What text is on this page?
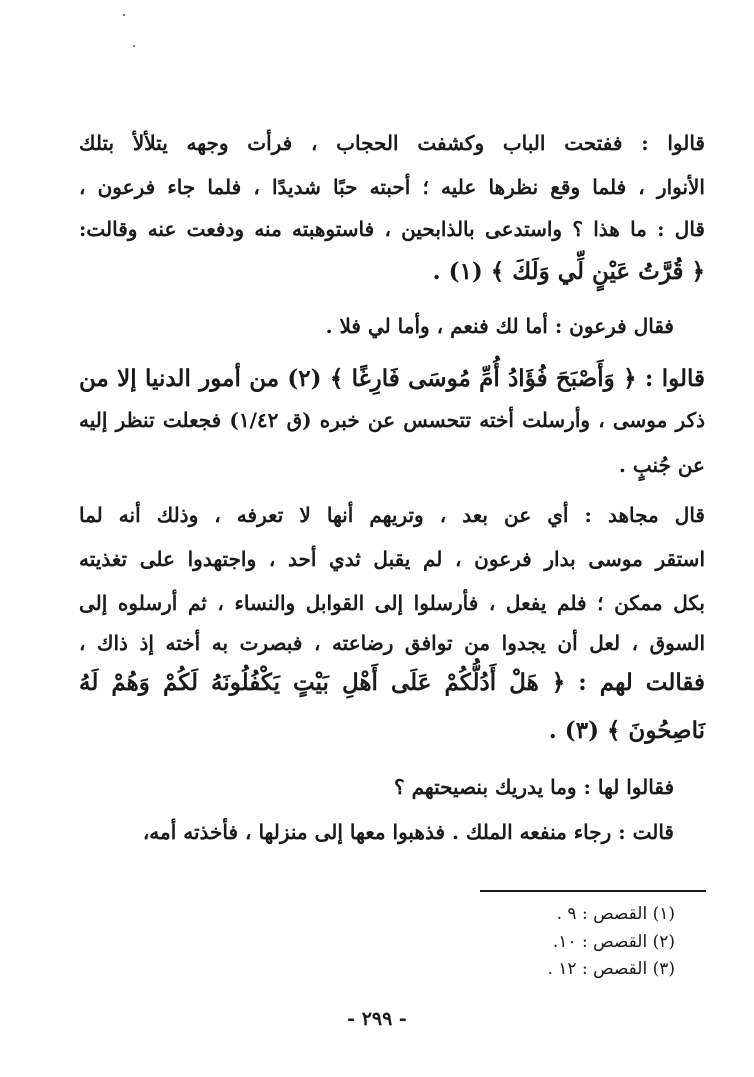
قالوا : ففتحت الباب وكشفت الحجاب ، فرأت وجهه يتلألأ بتلك
الأنوار ، فلما وقع نظرها عليه ؛ أحبته حبًا شديدًا ، فلما جاء فرعون ،
قال : ما هذا ؟ واستدعى بالذابحين ، فاستوهبته منه ودفعت عنه وقالت:
﴿ قُرَّتُ عَيْنٍ لِّي وَلَكَ ﴾ (١) .
فقال فرعون : أما لك فنعم ، وأما لي فلا .
قالوا : ﴿ وَأَصْبَحَ فُؤَادُ أُمِّ مُوسَى فَارِغًا ﴾ (٢) من أمور الدنيا إلا من
ذكر موسى ، وأرسلت أخته تتحسس عن خبره (ق ١/٤٢) فجعلت تنظر إليه
عن جُنبٍ .
قال مجاهد : أي عن بعد ، وتريهم أنها لا تعرفه ، وذلك أنه لما
استقر موسى بدار فرعون ، لم يقبل ثدي أحد ، واجتهدوا على تغذيته
بكل ممكن ؛ فلم يفعل ، فأرسلوا إلى القوابل والنساء ، ثم أرسلوه إلى
السوق ، لعل أن يجدوا من توافق رضاعته ، فبصرت به أخته إذ ذاك ،
فقالت لهم : ﴿ هَلْ أَدُلُّكُمْ عَلَى أَهْلِ بَيْتٍ يَكْفُلُونَهُ لَكُمْ وَهُمْ لَهُ
نَاصِحُونَ ﴾ (٣) .
فقالوا لها : وما يدريك بنصيحتهم ؟
قالت : رجاء منفعه الملك . فذهبوا معها إلى منزلها ، فأخذته أمه،
(١) القصص : ٩ .
(٢) القصص : ١٠.
(٣) القصص : ١٢ .
- ٢٩٩ -
